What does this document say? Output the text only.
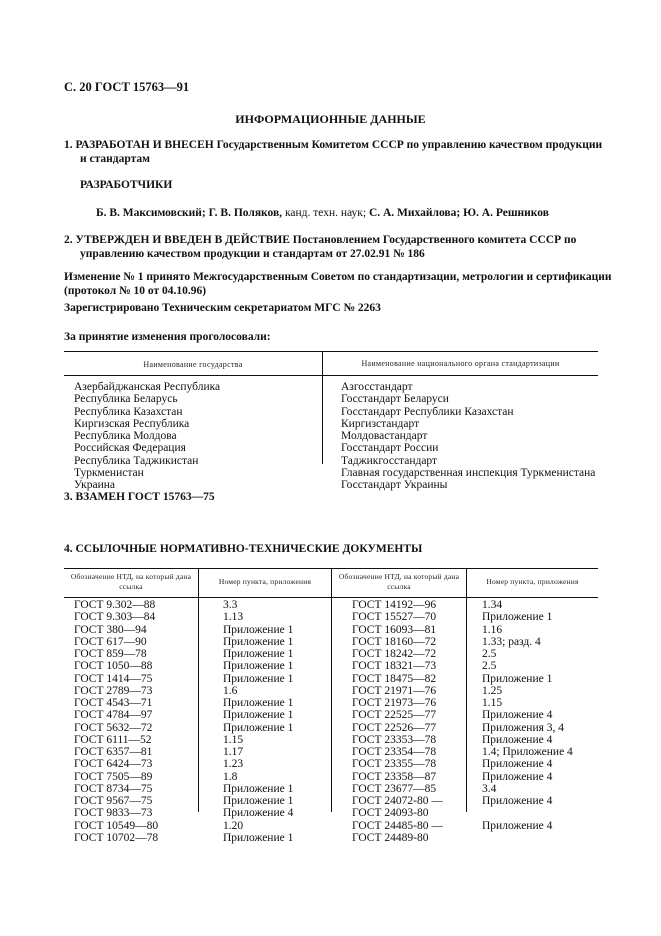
С. 20 ГОСТ 15763—91
ИНФОРМАЦИОННЫЕ ДАННЫЕ
1. РАЗРАБОТАН И ВНЕСЕН Государственным Комитетом СССР по управлению качеством продукции
и стандартам
РАЗРАБОТЧИКИ
Б. В. Максимовский; Г. В. Поляков, канд. техн. наук; С. А. Михайлова; Ю. А. Решников
2. УТВЕРЖДЕН И ВВЕДЕН В ДЕЙСТВИЕ Постановлением Государственного комитета СССР по
управлению качеством продукции и стандартам от 27.02.91 № 186
Изменение № 1 принято Межгосударственным Советом по стандартизации, метрологии и сертификации
(протокол № 10 от 04.10.96)
Зарегистрировано Техническим секретариатом МГС № 2263
За принятие изменения проголосовали:
Наименование государства	Наименование национального органа стандартизации
Азербайджанская Республика
Республика Беларусь
Республика Казахстан
Киргизская Республика
Республика Молдова
Российская Федерация
Республика Таджикистан
Туркменистан
Украина
Азгосстандарт
Госстандарт Беларуси
Госстандарт Республики Казахстан
Киргизстандарт
Молдовастандарт
Госстандарт России
Таджикгосстандарт
Главная государственная инспекция Туркменистана
Госстандарт Украины
3. ВЗАМЕН ГОСТ 15763—75
4. ССЫЛОЧНЫЕ НОРМАТИВНО-ТЕХНИЧЕСКИЕ ДОКУМЕНТЫ
Обозначение НТД, на который дана ссылка
Номер пункта, приложения
Обозначение НТД, на который дана ссылка
Номер пункта, приложения
ГОСТ 9.302—88
ГОСТ 9.303—84
ГОСТ 380—94
ГОСТ 617—90
ГОСТ 859—78
ГОСТ 1050—88
ГОСТ 1414—75
ГОСТ 2789—73
ГОСТ 4543—71
ГОСТ 4784—97
ГОСТ 5632—72
ГОСТ 6111—52
ГОСТ 6357—81
ГОСТ 6424—73
ГОСТ 7505—89
ГОСТ 8734—75
ГОСТ 9567—75
ГОСТ 9833—73
ГОСТ 10549—80
ГОСТ 10702—78
3.3
1.13
Приложение 1
Приложение 1
Приложение 1
Приложение 1
Приложение 1
1.6
Приложение 1
Приложение 1
Приложение 1
1.15
1.17
1.23
1.8
Приложение 1
Приложение 1
Приложение 4
1.20
Приложение 1
ГОСТ 14192—96
ГОСТ 15527—70
ГОСТ 16093—81
ГОСТ 18160—72
ГОСТ 18242—72
ГОСТ 18321—73
ГОСТ 18475—82
ГОСТ 21971—76
ГОСТ 21973—76
ГОСТ 22525—77
ГОСТ 22526—77
ГОСТ 23353—78
ГОСТ 23354—78
ГОСТ 23355—78
ГОСТ 23358—87
ГОСТ 23677—85
ГОСТ 24072-80 —
ГОСТ 24093-80
ГОСТ 24485-80 —
ГОСТ 24489-80
1.34
Приложение 1
1.16
1.33; разд. 4
2.5
2.5
Приложение 1
1.25
1.15
Приложение 4
Приложения 3, 4
Приложение 4
1.4; Приложение 4
Приложение 4
Приложение 4
3.4
Приложение 4

Приложение 4
